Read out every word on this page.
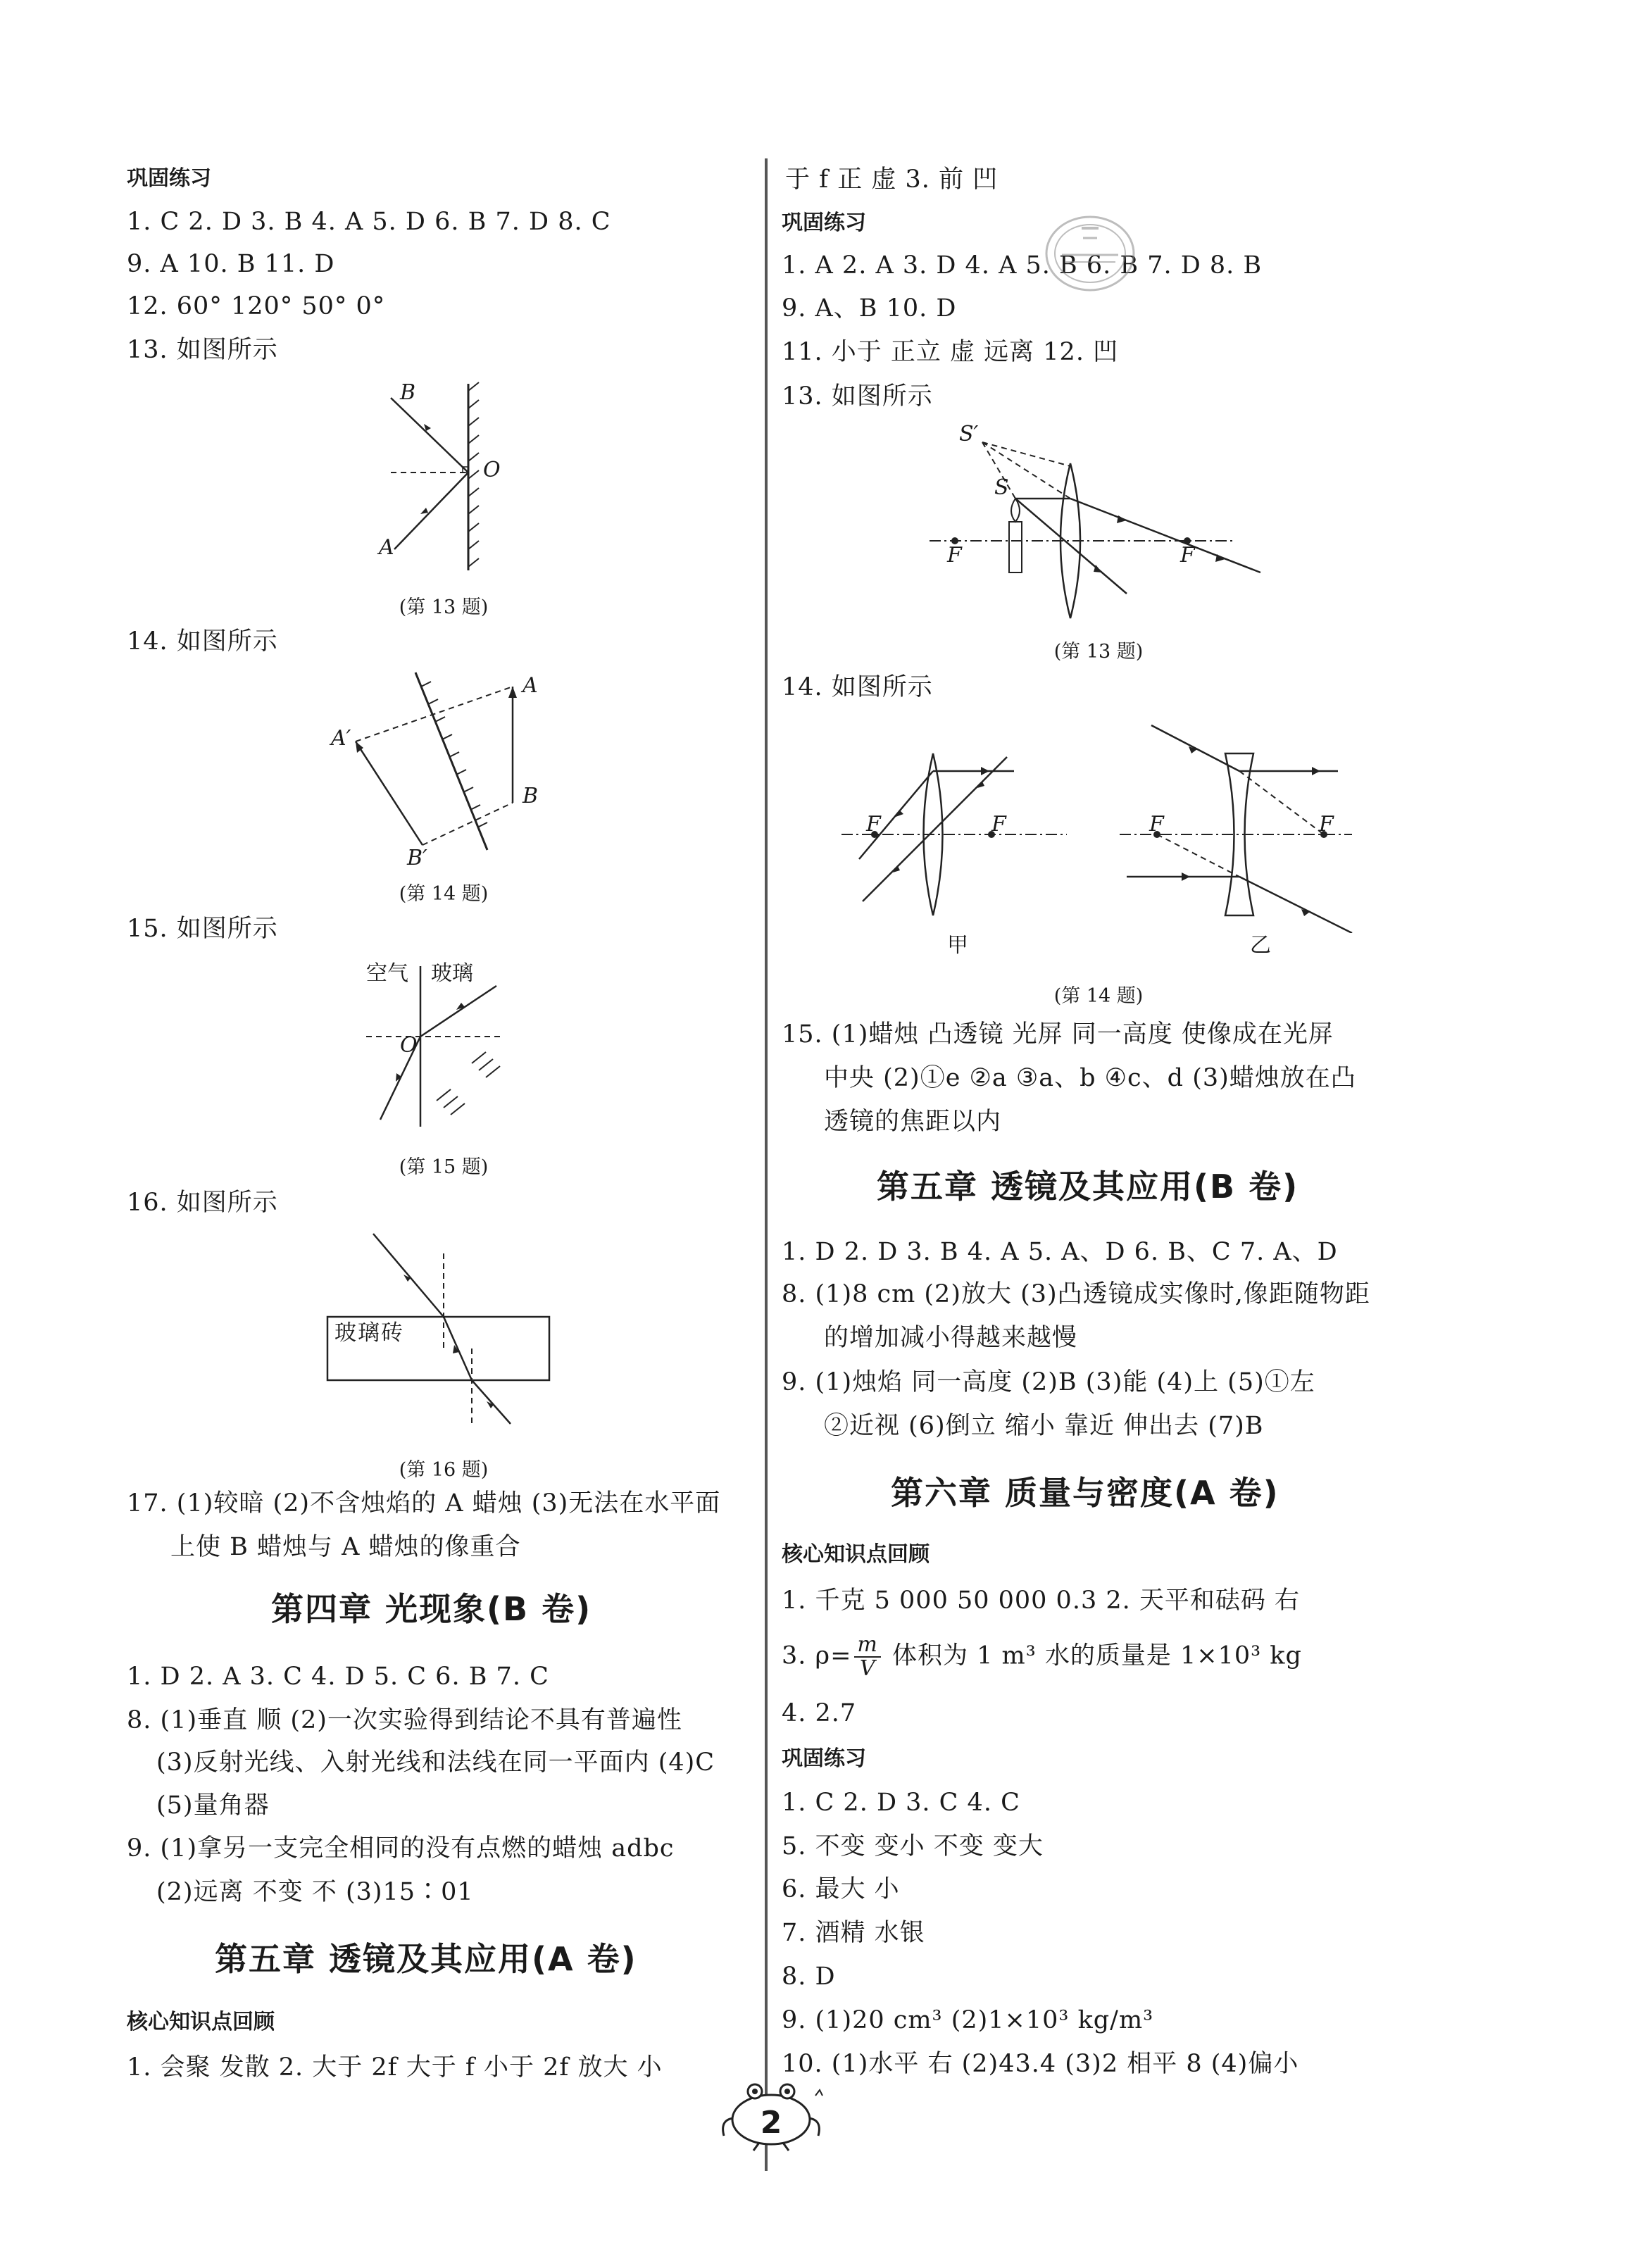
巩固练习
1. C 2. D 3. B 4. A 5. D 6. B 7. D 8. C
9. A 10. B 11. D
12. 60° 120° 50° 0°
13. 如图所示
B
A
O
(第 13 题)
14. 如图所示
A
B
A′
B′
(第 14 题)
15. 如图所示
空气 玻璃
O
(第 15 题)
16. 如图所示
玻璃砖
(第 16 题)
17. (1)较暗 (2)不含烛焰的 A 蜡烛 (3)无法在水平面
上使 B 蜡烛与 A 蜡烛的像重合
第四章 光现象(B 卷)
1. D 2. A 3. C 4. D 5. C 6. B 7. C
8. (1)垂直 顺 (2)一次实验得到结论不具有普遍性
(3)反射光线、入射光线和法线在同一平面内 (4)C
(5)量角器
9. (1)拿另一支完全相同的没有点燃的蜡烛 adbc
(2)远离 不变 不 (3)15∶01
第五章 透镜及其应用(A 卷)
核心知识点回顾
1. 会聚 发散 2. 大于 2f 大于 f 小于 2f 放大 小
于 f 正 虚 3. 前 凹
巩固练习
1. A 2. A 3. D 4. A 5. B 6. B 7. D 8. B
9. A、B 10. D
11. 小于 正立 虚 远离 12. 凹
13. 如图所示
S′
S
F	F
(第 13 题)
14. 如图所示
F	F	F	F
甲	乙
(第 14 题)
15. (1)蜡烛 凸透镜 光屏 同一高度 使像成在光屏
中央 (2)①e ②a ③a、b ④c、d (3)蜡烛放在凸
透镜的焦距以内
第五章 透镜及其应用(B 卷)
1. D 2. D 3. B 4. A 5. A、D 6. B、C 7. A、D
8. (1)8 cm (2)放大 (3)凸透镜成实像时,像距随物距
的增加减小得越来越慢
9. (1)烛焰 同一高度 (2)B (3)能 (4)上 (5)①左
②近视 (6)倒立 缩小 靠近 伸出去 (7)B
第六章 质量与密度(A 卷)
核心知识点回顾
1. 千克 5 000 50 000 0.3 2. 天平和砝码 右
3. $\rho= \frac{m}{V}$ 体积为 1 m³ 水的质量是 1×10³ kg
4. 2.7
巩固练习
1. C 2. D 3. C 4. C
5. 不变 变小 不变 变大
6. 最大 小
7. 酒精 水银
8. D
9. (1)20 cm³ (2)1×10³ kg/m³
10. (1)水平 右 (2)43.4 (3)2 相平 8 (4)偏小
2
